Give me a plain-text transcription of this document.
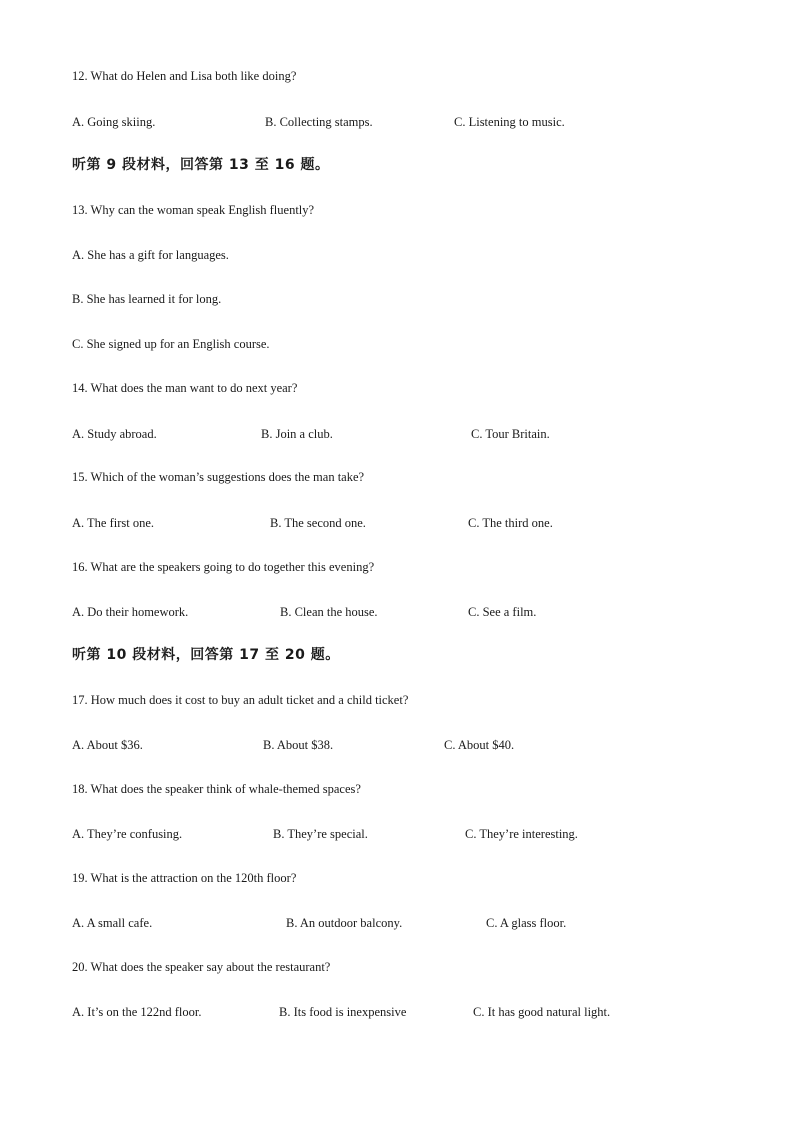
12. What do Helen and Lisa both like doing?
A. Going skiing.	B. Collecting stamps.	C. Listening to music.
听第 9 段材料，回答第 13 至 16 题。
13. Why can the woman speak English fluently?
A. She has a gift for languages.
B. She has learned it for long.
C. She signed up for an English course.
14. What does the man want to do next year?
A. Study abroad.	B. Join a club.	C. Tour Britain.
15. Which of the woman’s suggestions does the man take?
A. The first one.	B. The second one.	C. The third one.
16. What are the speakers going to do together this evening?
A. Do their homework.	B. Clean the house.	C. See a film.
听第 10 段材料，回答第 17 至 20 题。
17. How much does it cost to buy an adult ticket and a child ticket?
A. About $36.	B. About $38.	C. About $40.
18. What does the speaker think of whale-themed spaces?
A. They’re confusing.	B. They’re special.	C. They’re interesting.
19. What is the attraction on the 120th floor?
A. A small cafe.	B. An outdoor balcony.	C. A glass floor.
20. What does the speaker say about the restaurant?
A. It’s on the 122nd floor.	B. Its food is inexpensive	C. It has good natural light.
